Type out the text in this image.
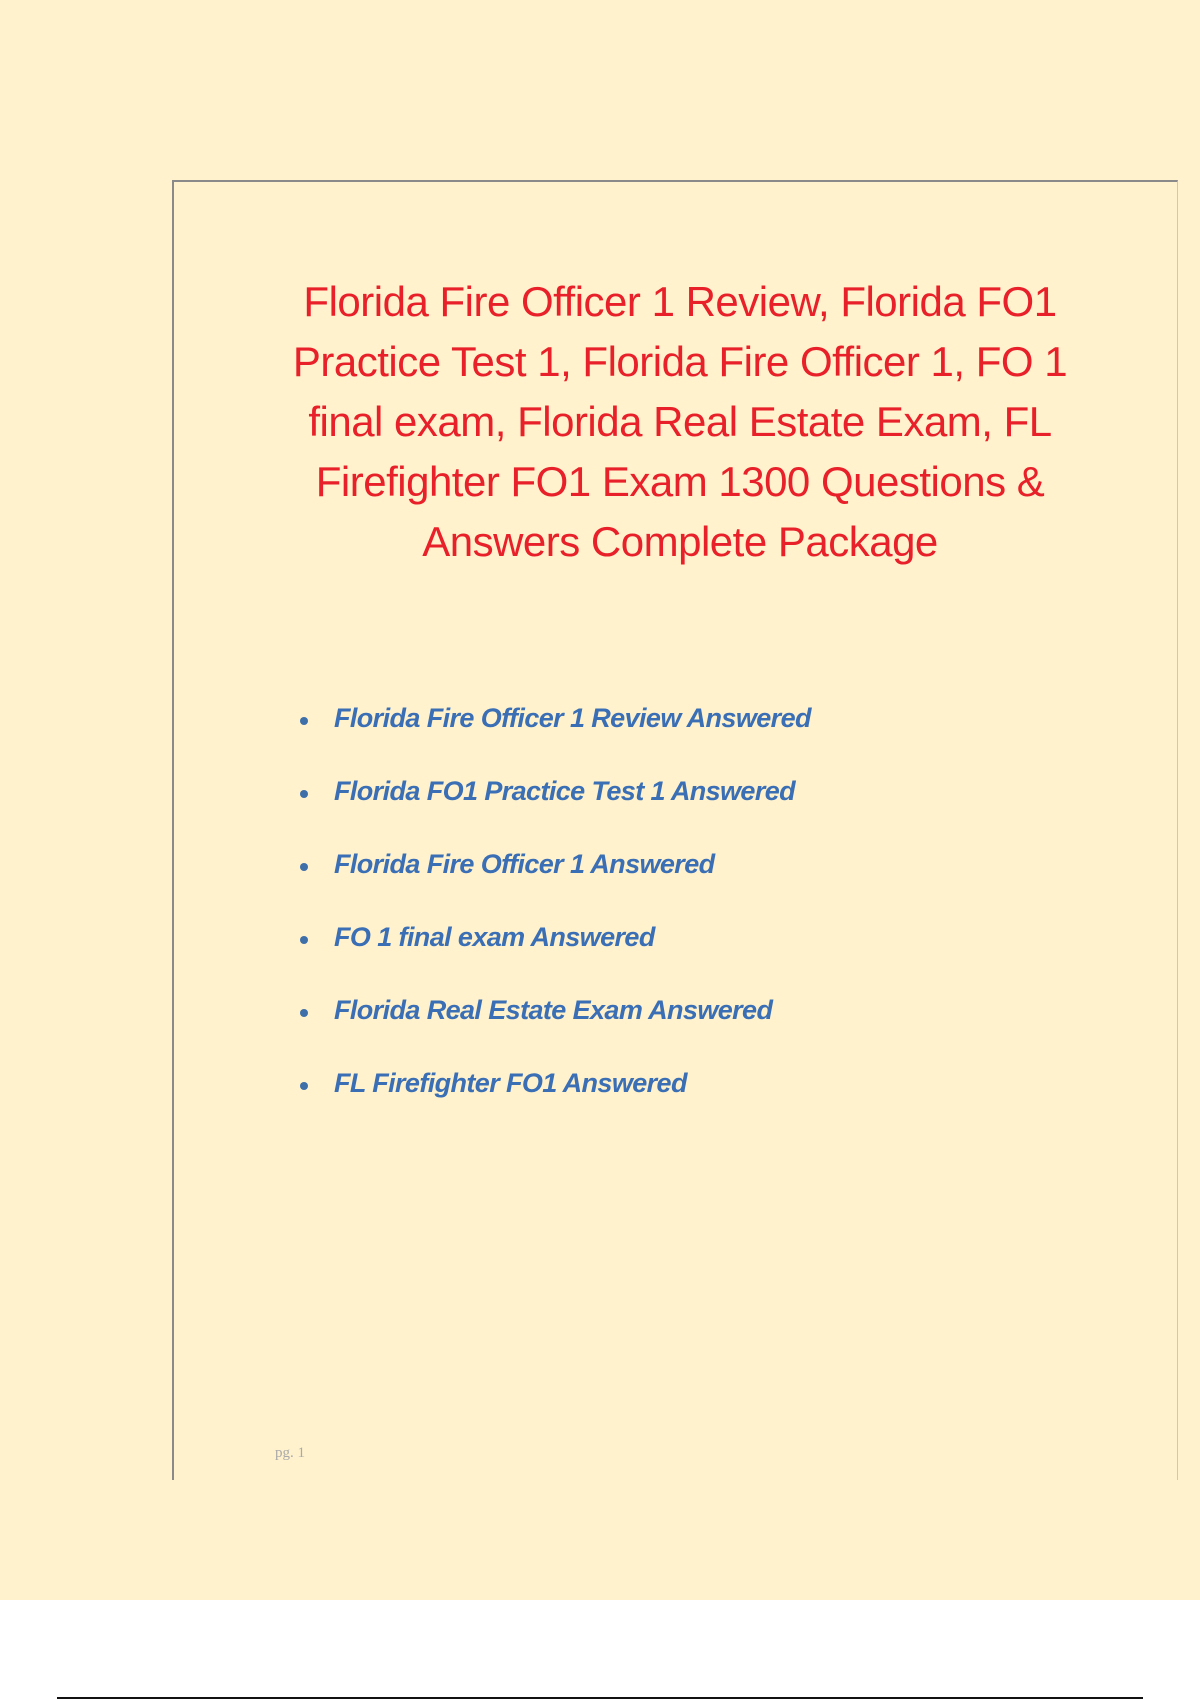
Florida Fire Officer 1 Review, Florida FO1 Practice Test 1, Florida Fire Officer 1, FO 1 final exam, Florida Real Estate Exam, FL Firefighter FO1 Exam 1300 Questions & Answers Complete Package
Florida Fire Officer 1 Review Answered
Florida FO1 Practice Test 1 Answered
Florida Fire Officer 1 Answered
FO 1 final exam Answered
Florida Real Estate Exam Answered
FL Firefighter FO1 Answered
pg. 1
